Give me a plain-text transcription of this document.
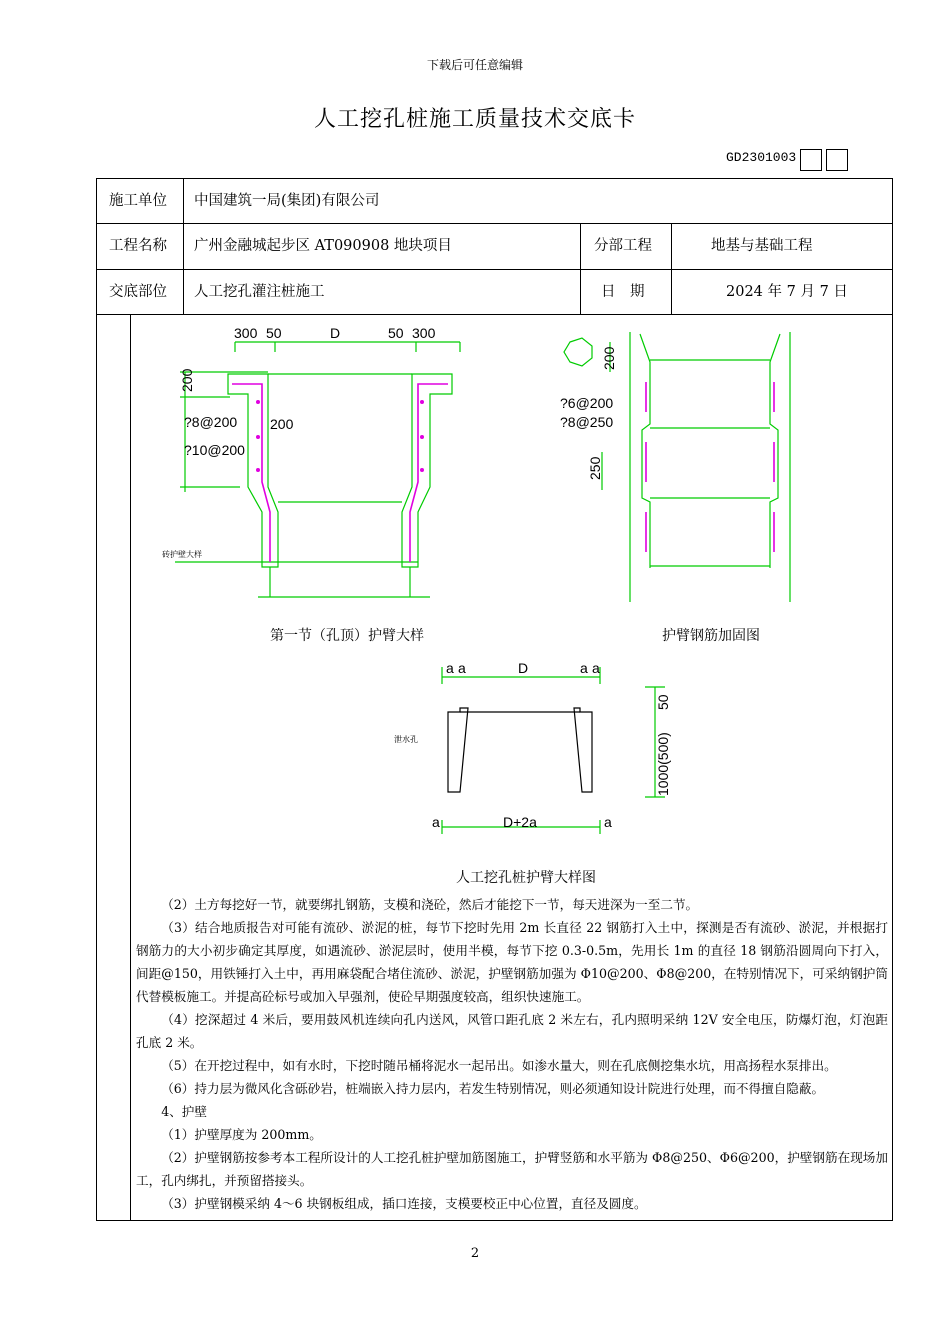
下载后可任意编辑
人工挖孔桩施工质量技术交底卡
GD2301003
施工单位 中国建筑一局(集团)有限公司
工程名称 广州金融城起步区 AT090908 地块项目	分部工程	地基与基础工程
交底部位 人工挖孔灌注桩施工	日　期	2024 年 7 月 7 日
300 50	D	50 300
200
200
?8@200
?10@200
砖护壁大样
第一节（孔顶）护臂大样
200
250
?6@200
?8@250
护臂钢筋加固图
a a	D	a a
a	D+2a	a
50
1000(500)
泄水孔
人工挖孔桩护臂大样图

（2）土方每挖好一节，就要绑扎钢筋，支模和浇砼，然后才能挖下一节，每天进深为一至二节。

（3）结合地质报告对可能有流砂、淤泥的桩，每节下挖时先用 2m 长直径 22 钢筋打入土中，探测是否有流砂、淤泥，并根据打钢筋力的大小初步确定其厚度，如遇流砂、淤泥层时，使用半模，每节下挖 0.3-0.5m，先用长 1m 的直径 18 钢筋沿圆周向下打入，间距@150，用铁锤打入土中，再用麻袋配合堵住流砂、淤泥，护壁钢筋加强为 Φ10@200、Φ8@200，在特别情况下，可采纳钢护筒代替模板施工。并提高砼标号或加入早强剂，使砼早期强度较高，组织快速施工。

（4）挖深超过 4 米后，要用鼓风机连续向孔内送风，风管口距孔底 2 米左右，孔内照明采纳 12V 安全电压，防爆灯泡，灯泡距孔底 2 米。

（5）在开挖过程中，如有水时，下挖时随吊桶将泥水一起吊出。如渗水量大，则在孔底侧挖集水坑，用高扬程水泵排出。

（6）持力层为微风化含砾砂岩，桩端嵌入持力层内，若发生特别情况，则必须通知设计院进行处理，而不得擅自隐蔽。

4、护壁

（1）护壁厚度为 200mm。

（2）护壁钢筋按参考本工程所设计的人工挖孔桩护壁加筋图施工，护臂竖筋和水平筋为 Φ8@250、Φ6@200，护壁钢筋在现场加工，孔内绑扎，并预留搭接头。

（3）护壁钢模采纳 4～6 块钢板组成，插口连接，支模要校正中心位置，直径及圆度。

2
